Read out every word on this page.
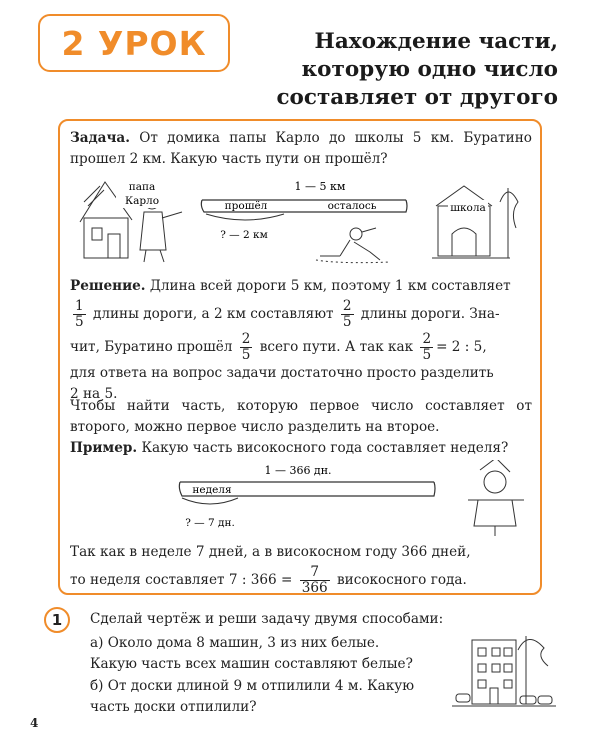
2 УРОК	Нахождение части,
которую одно число
составляет от другого
Задача. От домика папы Карло до школы 5 км. Буратино прошел 2 км. Какую часть пути он прошёл?
папа
Карло
1 — 5 км
прошёл	осталось
? — 2 км
школа
Решение. Длина всей дороги 5 км, поэтому 1 км составляет
$\frac{1}{5}$ длины дороги, а 2 км составляют $\frac{2}{5}$ длины дороги. Зна-
чит, Буратино прошёл $\frac{2}{5}$ всего пути. А так как $\frac{2}{5} = 2$ : 5,
для ответа на вопрос задачи достаточно просто разделить
2 на 5.
Чтобы найти часть, которую первое число составляет от второго, можно первое число разделить на второе.
Пример. Какую часть високосного года составляет неделя?
1 — 366 дн.
неделя
? — 7 дн.
Так как в неделе 7 дней, а в високосном году 366 дней,
то неделя составляет 7 : $366 = \frac{7}{366}$ високосного года.
1	Сделай чертёж и реши задачу двумя способами:
а) Около дома 8 машин, 3 из них белые.
Какую часть всех машин составляют белые?
б) От доски длиной 9 м отпилили 4 м. Какую
часть доски отпилили?
4
